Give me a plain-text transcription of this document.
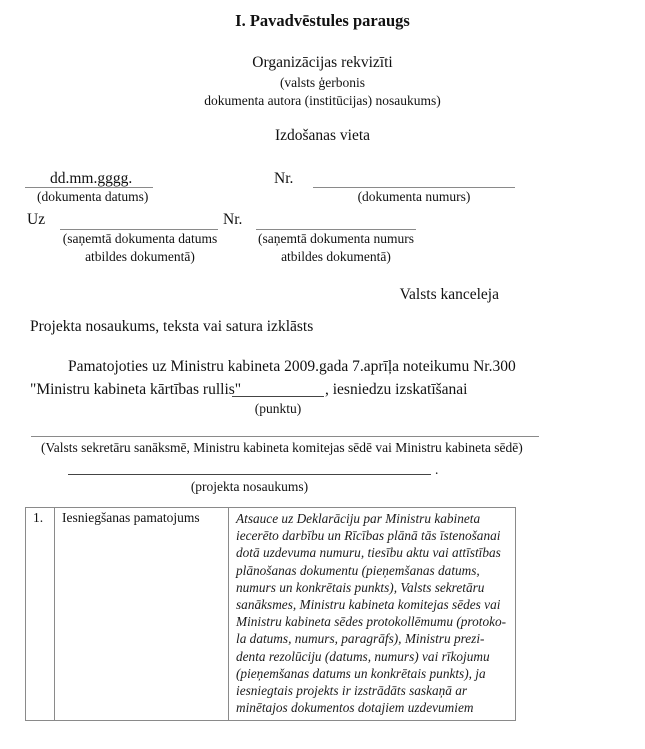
I. Pavadvēstules paraugs
Organizācijas rekvizīti
(valsts ģerbonis
dokumenta autora (institūcijas) nosaukums)
Izdošanas vieta
dd.mm.gggg.
(dokumenta datums)
Nr.
(dokumenta numurs)
Uz
(saņemtā dokumenta datums
atbildes dokumentā)
Nr.
(saņemtā dokumenta numurs
atbildes dokumentā)
Valsts kanceleja
Projekta nosaukums, teksta vai satura izklāsts
Pamatojoties uz Ministru kabineta 2009.gada 7.aprīļa noteikumu Nr.300
"Ministru kabineta kārtības rullis"	, iesniedzu izskatīšanai
(punktu)
(Valsts sekretāru sanāksmē, Ministru kabineta komitejas sēdē vai Ministru kabineta sēdē)
.
(projekta nosaukums)
1.	Iesniegšanas pamatojums	Atsauce uz Deklarāciju par Ministru kabineta
iecerēto darbību un Rīcības plānā tās īstenošanai
dotā uzdevuma numuru, tiesību aktu vai attīstības
plānošanas dokumentu (pieņemšanas datums,
numurs un konkrētais punkts), Valsts sekretāru
sanāksmes, Ministru kabineta komitejas sēdes vai
Ministru kabineta sēdes protokollēmumu (protoko-
la datums, numurs, paragrāfs), Ministru prezi-
denta rezolūciju (datums, numurs) vai rīkojumu
(pieņemšanas datums un konkrētais punkts), ja
iesniegtais projekts ir izstrādāts saskaņā ar
minētajos dokumentos dotajiem uzdevumiem
